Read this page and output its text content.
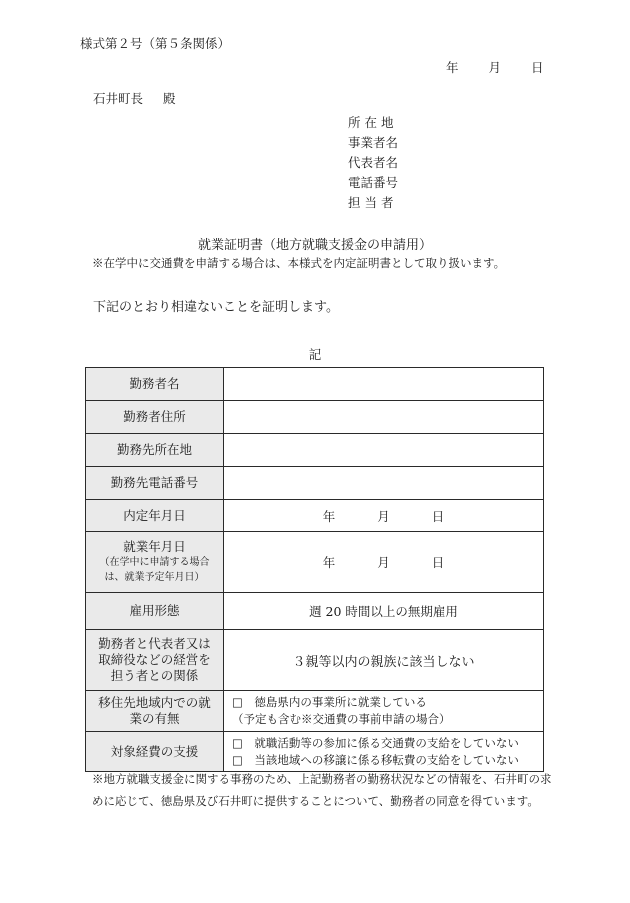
様式第２号（第５条関係）
年 月 日
石井町長 殿
所 在 地
事業者名
代表者名
電話番号
担 当 者
就業証明書（地方就職支援金の申請用）
※在学中に交通費を申請する場合は、本様式を内定証明書として取り扱います。
下記のとおり相違ないことを証明します。
記
勤務者名	
勤務者住所	
勤務先所在地	
勤務先電話番号	
内定年月日	年 月 日
就業年月日
（在学中に申請する場合
は、就業予定年月日）	年 月 日
雇用形態	週 20 時間以上の無期雇用

勤務者と代表者又は
取締役などの経営を
担う者との関係	３親等以内の親族に該当しない

移住先地域内での就
業の有無	□　徳島県内の事業所に就業している
（予定も含む※交通費の事前申請の場合）

対象経費の支援	□　就職活動等の参加に係る交通費の支給をしていない
□　当該地域への移譲に係る移転費の支給をしていない
※地方就職支援金に関する事務のため、上記勤務者の勤務状況などの情報を、石井町の求めに応じて、徳島県及び石井町に提供することについて、勤務者の同意を得ています。
